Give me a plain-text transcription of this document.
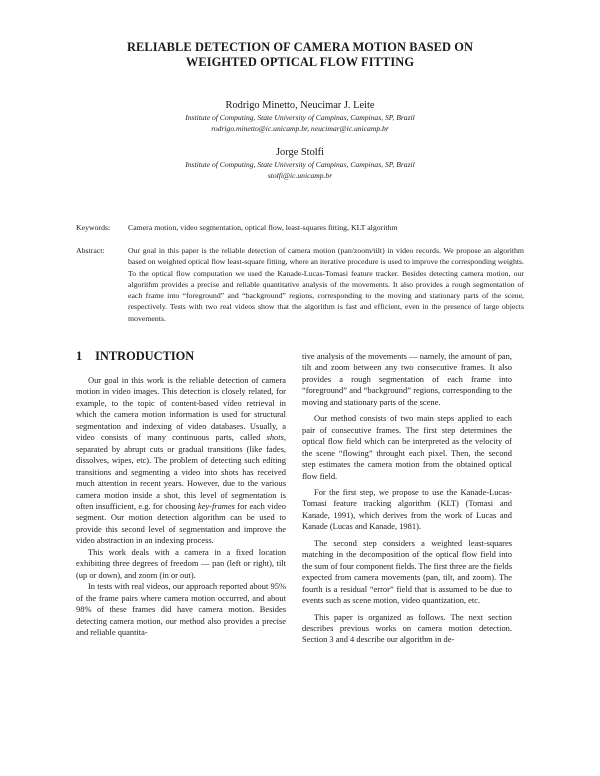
RELIABLE DETECTION OF CAMERA MOTION BASED ON
WEIGHTED OPTICAL FLOW FITTING
Rodrigo Minetto, Neucimar J. Leite
Institute of Computing, State University of Campinas, Campinas, SP, Brazil
rodrigo.minetto@ic.unicamp.br, neucimar@ic.unicamp.br
Jorge Stolfi
Institute of Computing, State University of Campinas, Campinas, SP, Brazil
stolfi@ic.unicamp.br
Keywords: Camera motion, video segmentation, optical flow, least-squares fitting, KLT algorithm
Abstract:	Our goal in this paper is the reliable detection of camera motion (pan/zoom/tilt) in video records. We propose an algorithm based on weighted optical flow least-square fitting, where an iterative procedure is used to improve the corresponding weights. To the optical flow computation we used the Kanade-Lucas-Tomasi feature tracker. Besides detecting camera motion, our algorithm provides a precise and reliable quantitative analysis of the movements. It also provides a rough segmentation of each frame into “foreground” and “background” regions, corresponding to the moving and stationary parts of the scene, respectively. Tests with two real videos show that the algorithm is fast and efficient, even in the presence of large objects movements.
1 INTRODUCTION

Our goal in this work is the reliable detection of camera motion in video images. This detection is closely related, for example, to the topic of content-based video retrieval in which the camera motion information is used for structural segmentation and indexing of video databases. Usually, a video consists of many continuous parts, called shots, separated by abrupt cuts or gradual transitions (like fades, dissolves, wipes, etc). The problem of detecting such editing transitions and segmenting a video into shots has received much attention in recent years. However, due to the various camera motion inside a shot, this level of segmentation is often insufficient, e.g. for choosing key-frames for each video segment. Our motion detection algorithm can be used to provide this second level of segmentation and improve the video abstraction in an indexing process.

This work deals with a camera in a fixed location exhibiting three degrees of freedom — pan (left or right), tilt (up or down), and zoom (in or out).

In tests with real videos, our approach reported about 95% of the frame pairs where camera motion occurred, and about 98% of these frames did have camera motion. Besides detecting camera motion, our method also provides a precise and reliable quantita-

tive analysis of the movements — namely, the amount of pan, tilt and zoom between any two consecutive frames. It also provides a rough segmentation of each frame into “foreground” and “background” regions, corresponding to the moving and stationary parts of the scene.

Our method consists of two main steps applied to each pair of consecutive frames. The first step determines the optical flow field which can be interpreted as the velocity of the scene “flowing” throught each pixel. Then, the second step estimates the camera motion from the obtained optical flow field.

For the first step, we propose to use the Kanade-Lucas-Tomasi feature tracking algorithm (KLT) (Tomasi and Kanade, 1991), which derives from the work of Lucas and Kanade (Lucas and Kanade, 1981).

The second step considers a weighted least-squares matching in the decomposition of the optical flow field into the sum of four component fields. The first three are the fields expected from camera movements (pan, tilt, and zoom). The fourth is a residual “error” field that is assumed to be due to events such as scene motion, video quantization, etc.

This paper is organized as follows. The next section describes previous works on camera motion detection. Section 3 and 4 describe our algorithm in de-
